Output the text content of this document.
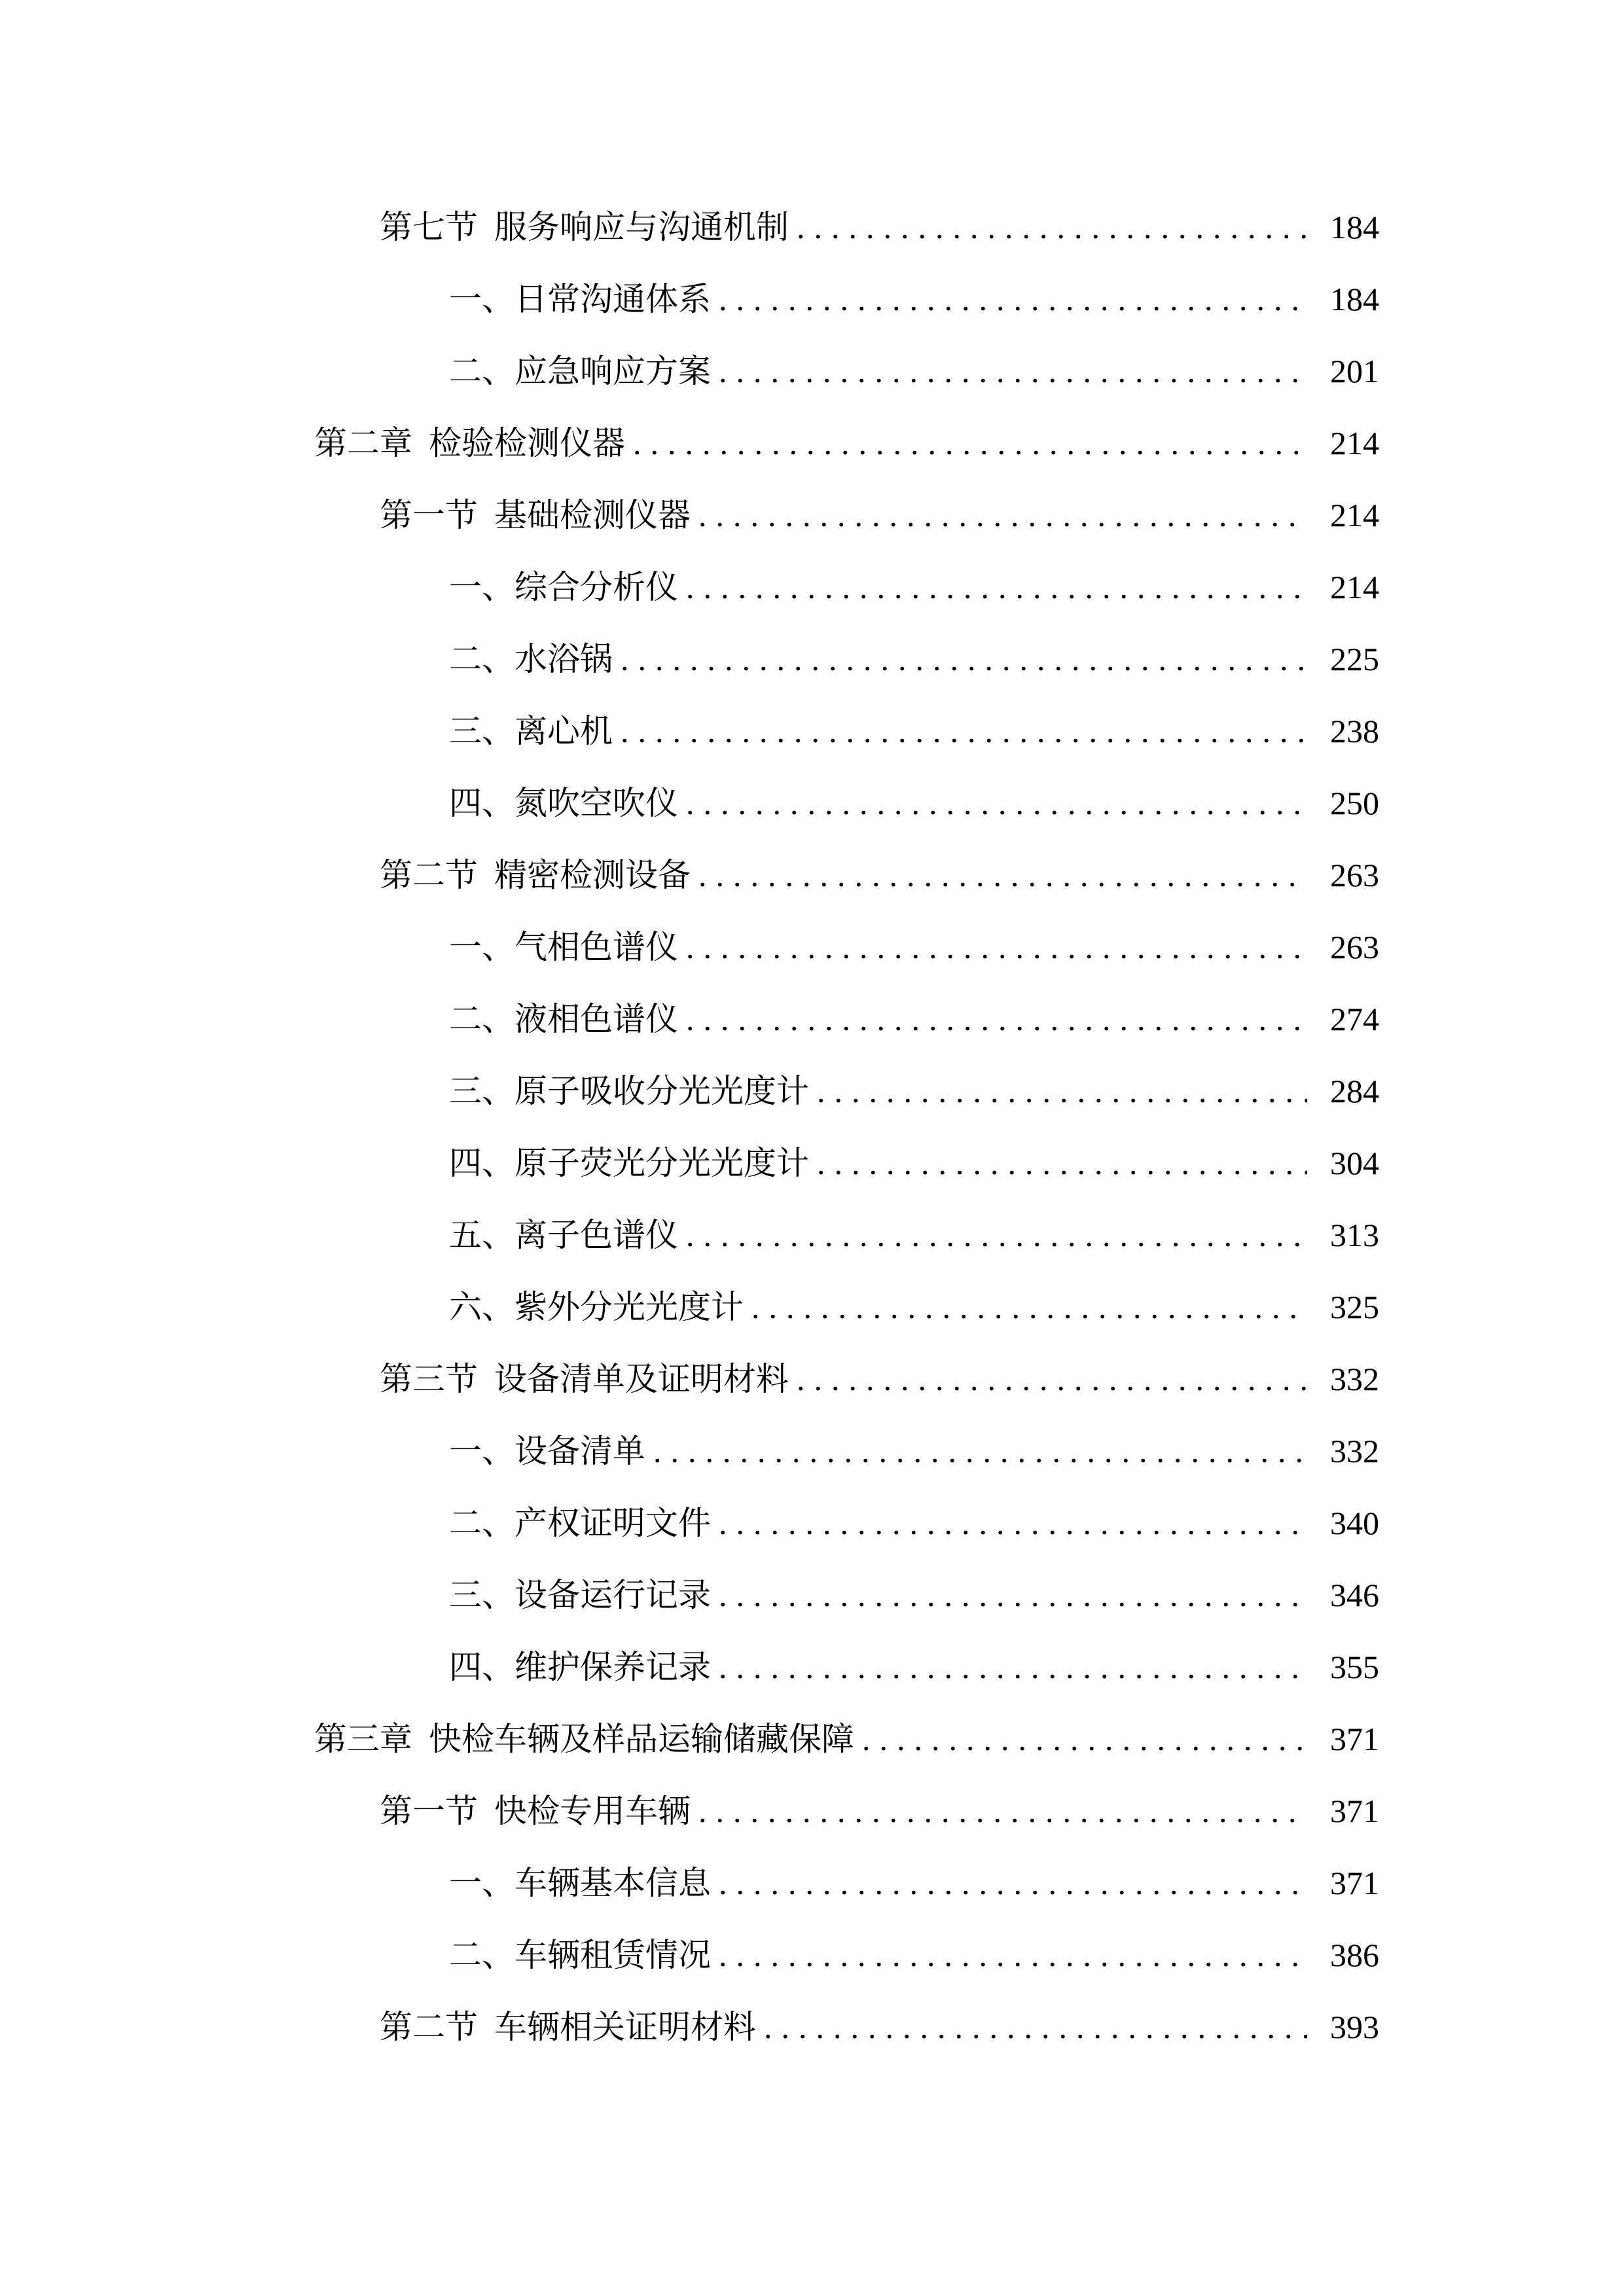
第七节 服务响应与沟通机制 .....	184
一、 日常沟通体系 .....	184
二、 应急响应方案 .....	201
第二章 检验检测仪器 .....	214
第一节 基础检测仪器 .....	214
一、 综合分析仪 .....	214
二、 水浴锅 .....	225
三、 离心机 .....	238
四、 氮吹空吹仪 .....	250
第二节 精密检测设备 .....	263
一、 气相色谱仪 .....	263
二、 液相色谱仪 .....	274
三、 原子吸收分光光度计 .....	284
四、 原子荧光分光光度计 .....	304
五、 离子色谱仪 .....	313
六、 紫外分光光度计 .....	325
第三节 设备清单及证明材料 .....	332
一、 设备清单 .....	332
二、 产权证明文件 .....	340
三、 设备运行记录 .....	346
四、 维护保养记录 .....	355
第三章 快检车辆及样品运输储藏保障 .....	371
第一节 快检专用车辆 .....	371
一、 车辆基本信息 .....	371
二、 车辆租赁情况 .....	386
第二节 车辆相关证明材料 .....	393
